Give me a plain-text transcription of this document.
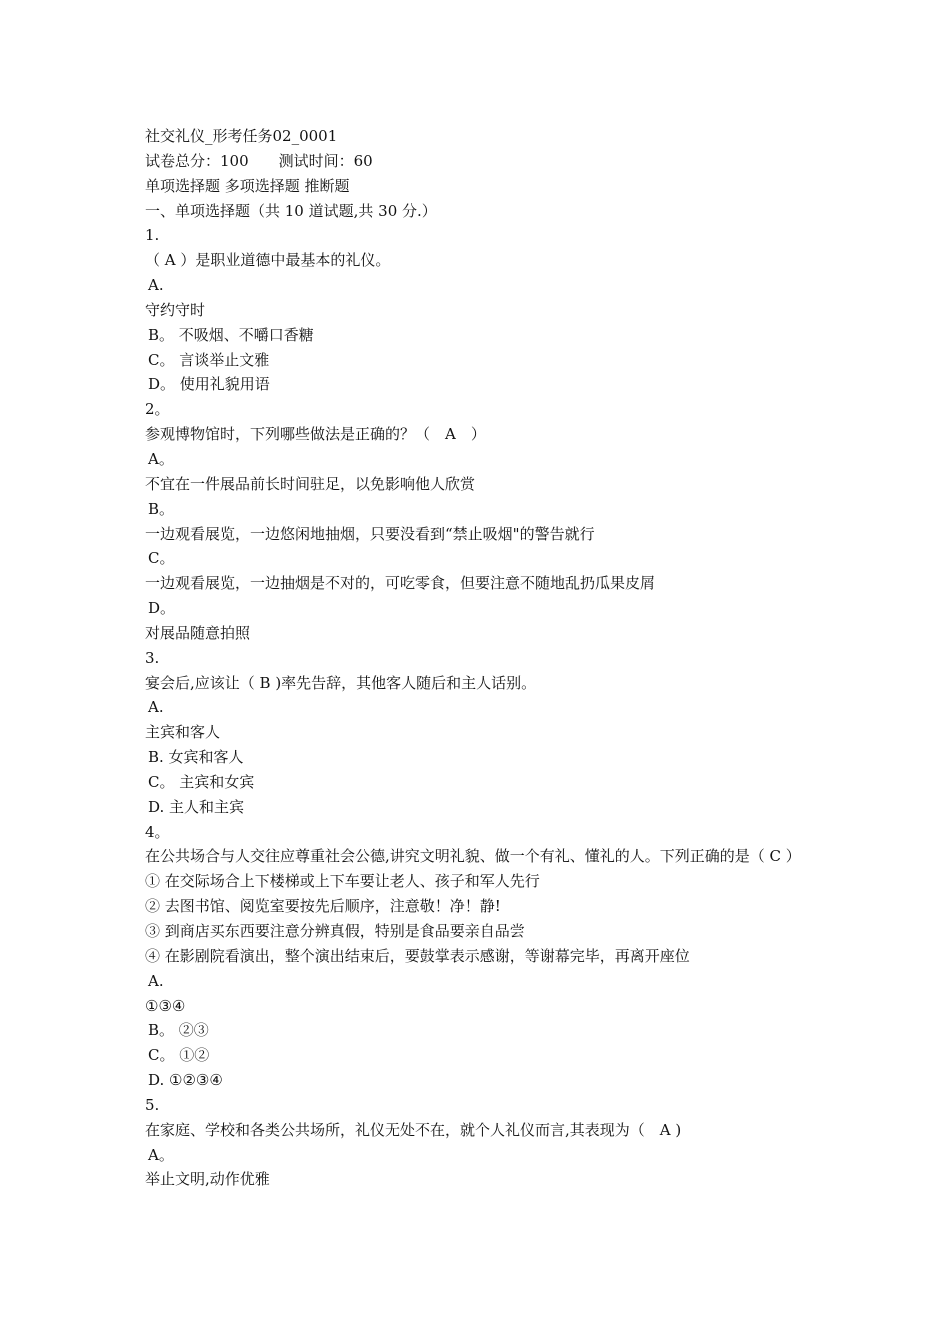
社交礼仪_形考任务02_0001
试卷总分：100 测试时间：60
单项选择题 多项选择题 推断题
一、单项选择题（共 10 道试题,共 30 分.）
1.
（ A ）是职业道德中最基本的礼仪。
A.
守约守时
B。 不吸烟、不嚼口香糖
C。 言谈举止文雅
D。 使用礼貌用语
2。
参观博物馆时，下列哪些做法是正确的？（　A　）
A。
不宜在一件展品前长时间驻足，以免影响他人欣赏
B。
一边观看展览，一边悠闲地抽烟，只要没看到“禁止吸烟"的警告就行
C。
一边观看展览，一边抽烟是不对的，可吃零食，但要注意不随地乱扔瓜果皮屑
D。
对展品随意拍照
3.
宴会后,应该让（ B )率先告辞，其他客人随后和主人话别。
A.
主宾和客人
B. 女宾和客人
C。 主宾和女宾
D. 主人和主宾
4。
在公共场合与人交往应尊重社会公德,讲究文明礼貌、做一个有礼、懂礼的人。下列正确的是（ C ）
① 在交际场合上下楼梯或上下车要让老人、孩子和军人先行
② 去图书馆、阅览室要按先后顺序，注意敬！净！静!
③ 到商店买东西要注意分辨真假，特别是食品要亲自品尝
④ 在影剧院看演出，整个演出结束后，要鼓掌表示感谢，等谢幕完毕，再离开座位
A.
①③④
B。 ②③
C。 ①②
D. ①②③④
5.
在家庭、学校和各类公共场所，礼仪无处不在，就个人礼仪而言,其表现为（　A )
A。
举止文明,动作优雅
